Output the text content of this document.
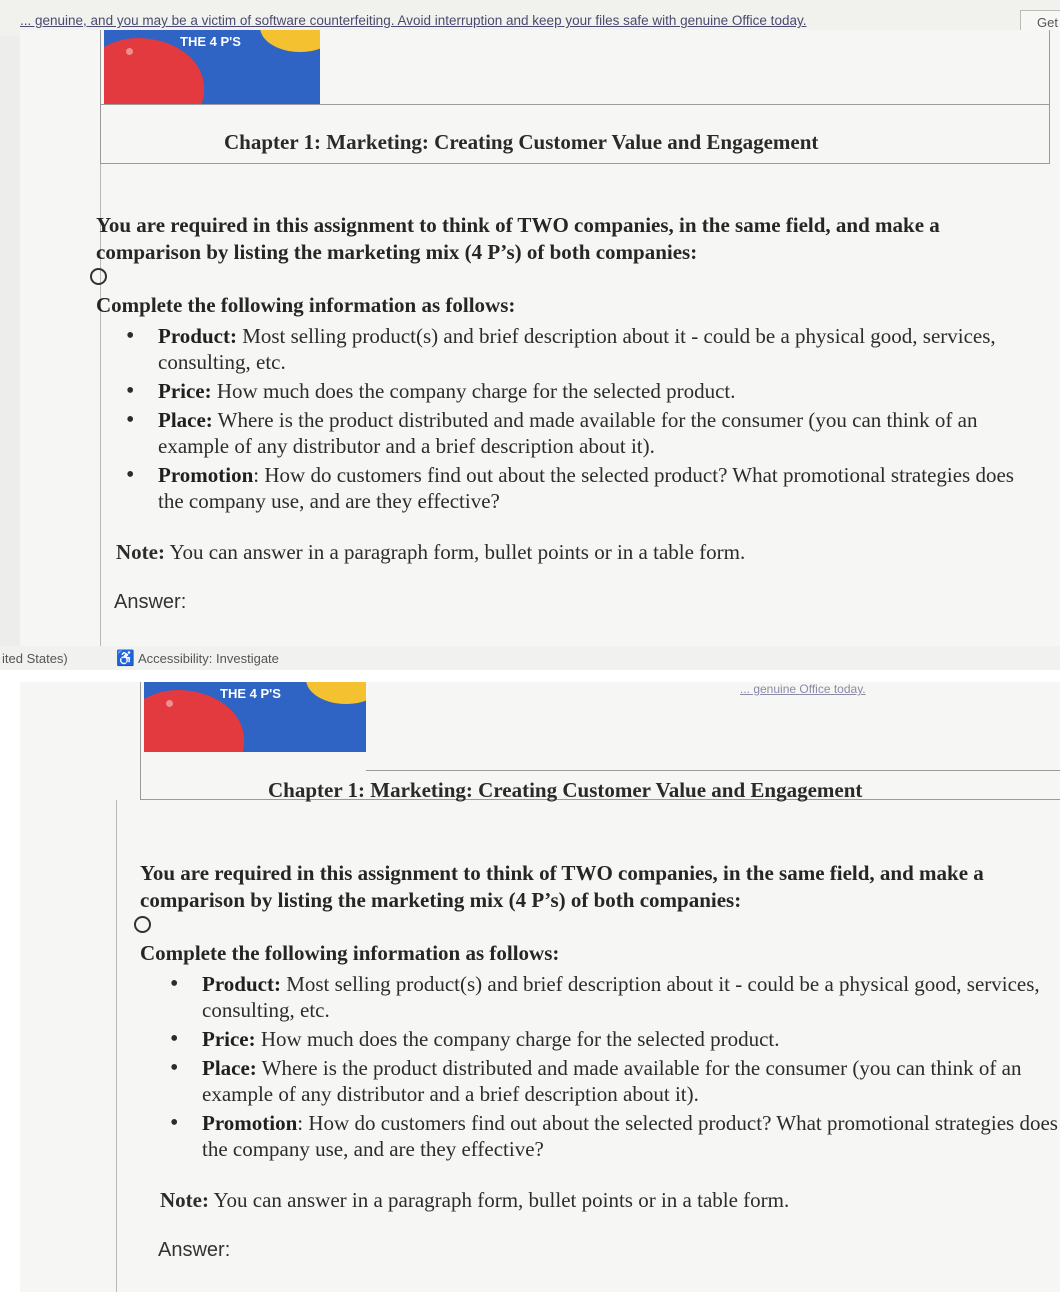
... genuine, and you may be a victim of software counterfeiting. Avoid interruption and keep your files safe with genuine Office today.	Get
THE 4 P'S
Chapter 1: Marketing: Creating Customer Value and Engagement

You are required in this assignment to think of TWO companies, in the same field, and make a comparison by listing the marketing mix (4 P’s) of both companies:

Complete the following information as follows:

• Product: Most selling product(s) and brief description about it - could be a physical good, services, consulting, etc.
• Price: How much does the company charge for the selected product.
• Place: Where is the product distributed and made available for the consumer (you can think of an example of any distributor and a brief description about it).
• Promotion: How do customers find out about the selected product? What promotional strategies does the company use, and are they effective?

Note: You can answer in a paragraph form, bullet points or in a table form.

Answer:

ited States)	♿ Accessibility: Investigate
THE 4 P'S
Chapter 1: Marketing: Creating Customer Value and Engagement

You are required in this assignment to think of TWO companies, in the same field, and make a comparison by listing the marketing mix (4 P’s) of both companies:

Complete the following information as follows:

• Product: Most selling product(s) and brief description about it - could be a physical good, services, consulting, etc.
• Price: How much does the company charge for the selected product.
• Place: Where is the product distributed and made available for the consumer (you can think of an example of any distributor and a brief description about it).
• Promotion: How do customers find out about the selected product? What promotional strategies does the company use, and are they effective?

Note: You can answer in a paragraph form, bullet points or in a table form.

Answer:

... genuine Office today.
